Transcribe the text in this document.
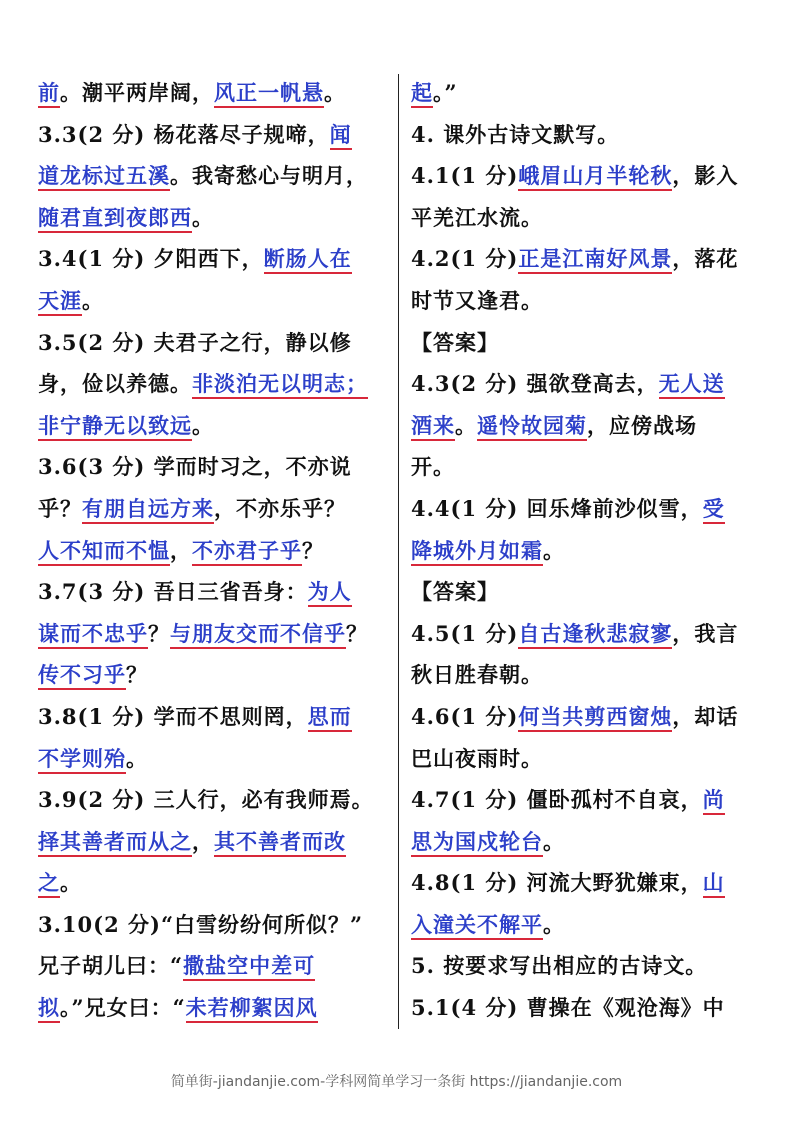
前。潮平两岸阔，风正一帆悬。
3.3(2 分) 杨花落尽子规啼，闻
道龙标过五溪。我寄愁心与明月，
随君直到夜郎西。
3.4(1 分) 夕阳西下，断肠人在
天涯。
3.5(2 分) 夫君子之行，静以修
身，俭以养德。非淡泊无以明志；
非宁静无以致远。
3.6(3 分) 学而时习之，不亦说
乎？有朋自远方来，不亦乐乎？
人不知而不愠，不亦君子乎？
3.7(3 分) 吾日三省吾身：为人
谋而不忠乎？与朋友交而不信乎？
传不习乎？
3.8(1 分) 学而不思则罔，思而
不学则殆。
3.9(2 分) 三人行，必有我师焉。
择其善者而从之，其不善者而改
之。
3.10(2 分)“白雪纷纷何所似？”
兄子胡儿曰：“撒盐空中差可
拟。”兄女曰：“未若柳絮因风
起。”
4. 课外古诗文默写。
4.1(1 分)峨眉山月半轮秋，影入
平羌江水流。
4.2(1 分)正是江南好风景，落花
时节又逢君。
【答案】
4.3(2 分) 强欲登高去，无人送
酒来。遥怜故园菊，应傍战场
开。
4.4(1 分) 回乐烽前沙似雪，受
降城外月如霜。
【答案】
4.5(1 分)自古逢秋悲寂寥，我言
秋日胜春朝。
4.6(1 分)何当共剪西窗烛，却话
巴山夜雨时。
4.7(1 分) 僵卧孤村不自哀，尚
思为国戍轮台。
4.8(1 分) 河流大野犹嫌束，山
入潼关不解平。
5. 按要求写出相应的古诗文。
5.1(4 分) 曹操在《观沧海》中
简单街-jiandanjie.com-学科网简单学习一条街 https://jiandanjie.com
